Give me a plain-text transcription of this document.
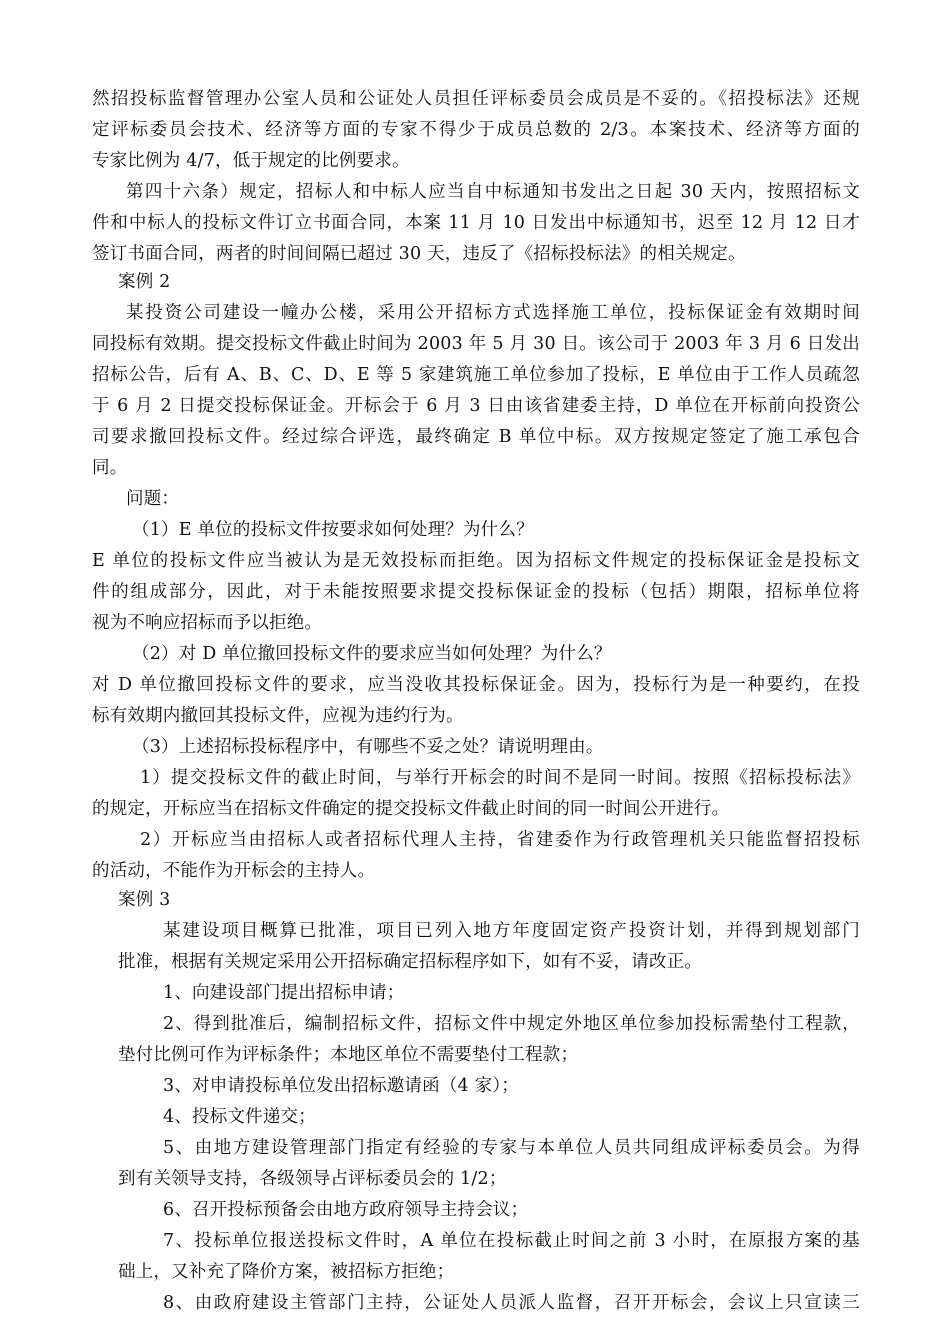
然招投标监督管理办公室人员和公证处人员担任评标委员会成员是不妥的。《招投标法》还规
定评标委员会技术、经济等方面的专家不得少于成员总数的 2/3。本案技术、经济等方面的
专家比例为 4/7，低于规定的比例要求。
第四十六条）规定，招标人和中标人应当自中标通知书发出之日起 30 天内，按照招标文
件和中标人的投标文件订立书面合同，本案 11 月 10 日发出中标通知书，迟至 12 月 12 日才
签订书面合同，两者的时间间隔已超过 30 天，违反了《招标投标法》的相关规定。
案例 2
某投资公司建设一幢办公楼，采用公开招标方式选择施工单位，投标保证金有效期时间
同投标有效期。提交投标文件截止时间为 2003 年 5 月 30 日。该公司于 2003 年 3 月 6 日发出
招标公告，后有 A、B、C、D、E 等 5 家建筑施工单位参加了投标，E 单位由于工作人员疏忽
于 6 月 2 日提交投标保证金。开标会于 6 月 3 日由该省建委主持，D 单位在开标前向投资公
司要求撤回投标文件。经过综合评选，最终确定 B 单位中标。双方按规定签定了施工承包合
同。
问题：
（1）E 单位的投标文件按要求如何处理？为什么？
E 单位的投标文件应当被认为是无效投标而拒绝。因为招标文件规定的投标保证金是投标文
件的组成部分，因此，对于未能按照要求提交投标保证金的投标（包括）期限，招标单位将
视为不响应招标而予以拒绝。
（2）对 D 单位撤回投标文件的要求应当如何处理？为什么？
对 D 单位撤回投标文件的要求，应当没收其投标保证金。因为，投标行为是一种要约，在投
标有效期内撤回其投标文件，应视为违约行为。
（3）上述招标投标程序中，有哪些不妥之处？请说明理由。
1）提交投标文件的截止时间，与举行开标会的时间不是同一时间。按照《招标投标法》
的规定，开标应当在招标文件确定的提交投标文件截止时间的同一时间公开进行。
2）开标应当由招标人或者招标代理人主持，省建委作为行政管理机关只能监督招投标
的活动，不能作为开标会的主持人。
案例 3
某建设项目概算已批准，项目已列入地方年度固定资产投资计划，并得到规划部门
批准，根据有关规定采用公开招标确定招标程序如下，如有不妥，请改正。
1、向建设部门提出招标申请；
2、得到批准后，编制招标文件，招标文件中规定外地区单位参加投标需垫付工程款，
垫付比例可作为评标条件；本地区单位不需要垫付工程款；
3、对申请投标单位发出招标邀请函（4 家）；
4、投标文件递交；
5、由地方建设管理部门指定有经验的专家与本单位人员共同组成评标委员会。为得
到有关领导支持，各级领导占评标委员会的 1/2；
6、召开投标预备会由地方政府领导主持会议；
7、投标单位报送投标文件时，A 单位在投标截止时间之前 3 小时，在原报方案的基
础上，又补充了降价方案，被招标方拒绝；
8、由政府建设主管部门主持，公证处人员派人监督，召开开标会，会议上只宣读三
